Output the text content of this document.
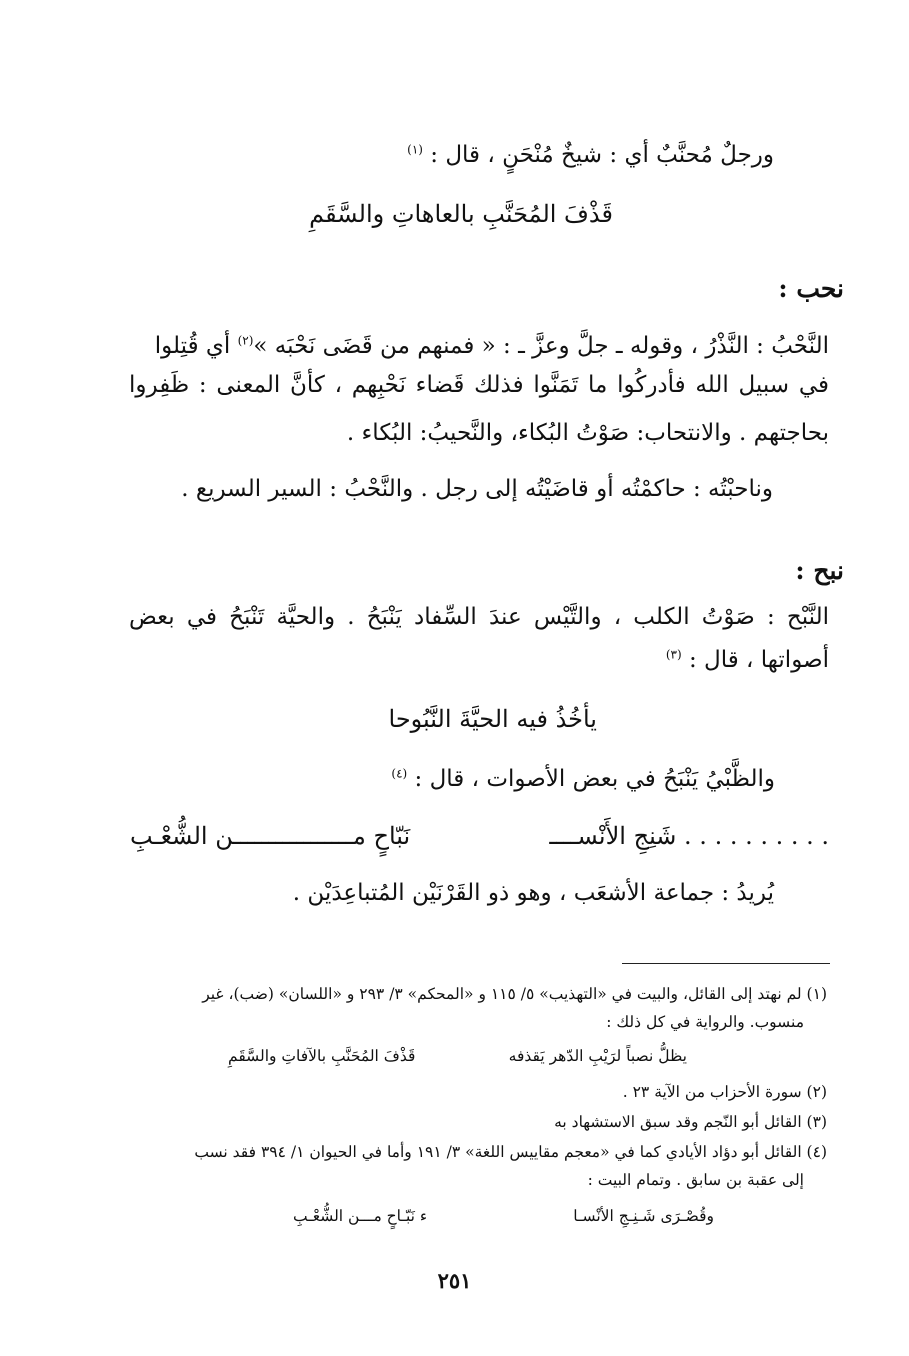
ورجلٌ مُحنَّبٌ أي : شيخٌ مُنْحَنٍ ، قال : $^{(١)}$
قَذْفَ المُحَنَّبِ بالعاهاتِ والسَّقَمِ
نحب :
النَّحْبُ : النَّذْرُ ، وقوله ـ جلَّ وعزَّ ـ : « فمنهم من قَضَى نَحْبَه »$^{(٢)}$ أي قُتِلوا
في سبيل الله فأدركُوا ما تَمَنَّوا فذلك قَضاء نَحْبِهم ، كأنَّ المعنى : ظَفِروا
بحاجتهم . والانتحاب: صَوْتُ البُكاء، والنَّحيبُ: البُكاء .
وناحبْتُه : حاكمْتُه أو قاضَيْتُه إلى رجل . والنَّحْبُ : السير السريع .
نبح :
النَّبْح : صَوْتُ الكلب ، والتَّيْس عندَ السِّفاد يَنْبَحُ . والحيَّة تَنْبَحُ في بعض
أصواتها ، قال : $^{(٣)}$
يأخُذُ فيه الحيَّةَ النَّبُوحا
والظَّبْيُ يَنْبَحُ في بعض الأصوات ، قال : $^{(٤)}$
. . . . . . . . . . شَنِجِ الأَنْســــ
نَبّاحٍ مـــــــــــــــــن الشُّعْـبِ
يُريدُ : جماعة الأشعَب ، وهو ذو القَرْنَيْن المُتباعِدَيْن .
(١) لم نهتد إلى القائل، والبيت في «التهذيب» ٥/ ١١٥ و «المحكم» ٣/ ٢٩٣ و «اللسان» (ضب)، غير
منسوب. والرواية في كل ذلك :
يظلُّ نصباً لرَيْبِ الدّهر يَقذفه
قَذْفَ المُحَنَّبِ بالآفاتِ والسَّقَمِ
(٢) سورة الأحزاب من الآية ٢٣ .
(٣) القائل أبو النّجم وقد سبق الاستشهاد به
(٤) القائل أبو دؤاد الأيادي كما في «معجم مقاييس اللغة» ٣/ ١٩١ وأما في الحيوان ١/ ٣٩٤ فقد نسب
إلى عقبة بن سابق . وتمام البيت :
وقُصْـرَى شَـنِـجِ الأنْسـا
ء نَبّـاحٍ مـــن الشُّعْـبِ
٢٥١
